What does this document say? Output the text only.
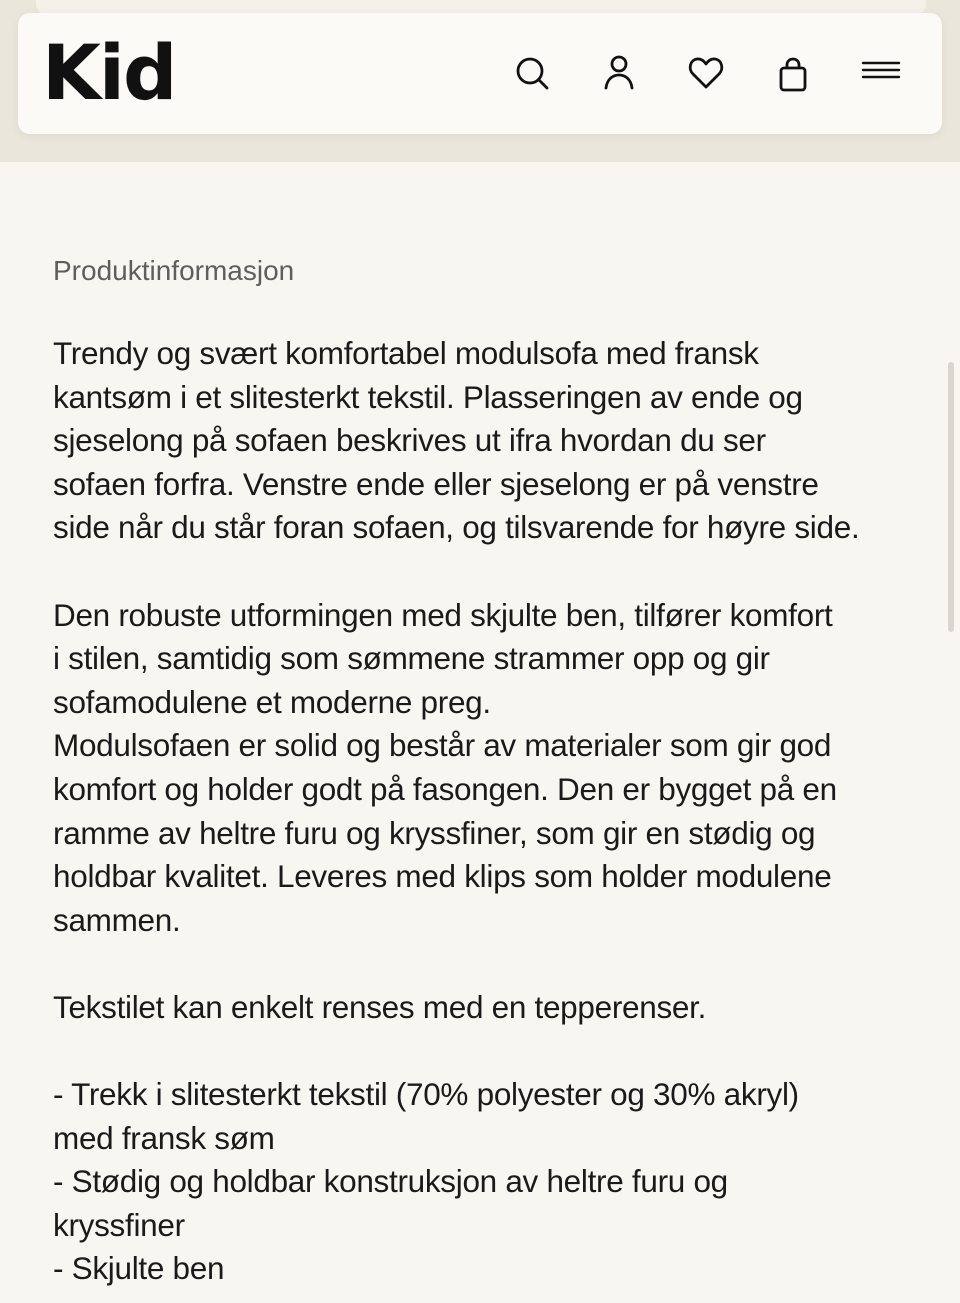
Kid
Produktinformasjon

Trendy og svært komfortabel modulsofa med fransk

kantsøm i et slitesterkt tekstil. Plasseringen av ende og

sjeselong på sofaen beskrives ut ifra hvordan du ser

sofaen forfra. Venstre ende eller sjeselong er på venstre

side når du står foran sofaen, og tilsvarende for høyre side.

Den robuste utformingen med skjulte ben, tilfører komfort

i stilen, samtidig som sømmene strammer opp og gir

sofamodulene et moderne preg.

Modulsofaen er solid og består av materialer som gir god

komfort og holder godt på fasongen. Den er bygget på en

ramme av heltre furu og kryssfiner, som gir en stødig og

holdbar kvalitet. Leveres med klips som holder modulene

sammen.

Tekstilet kan enkelt renses med en tepperenser.

- Trekk i slitesterkt tekstil (70% polyester og 30% akryl)

med fransk søm

- Stødig og holdbar konstruksjon av heltre furu og

kryssfiner

- Skjulte ben
